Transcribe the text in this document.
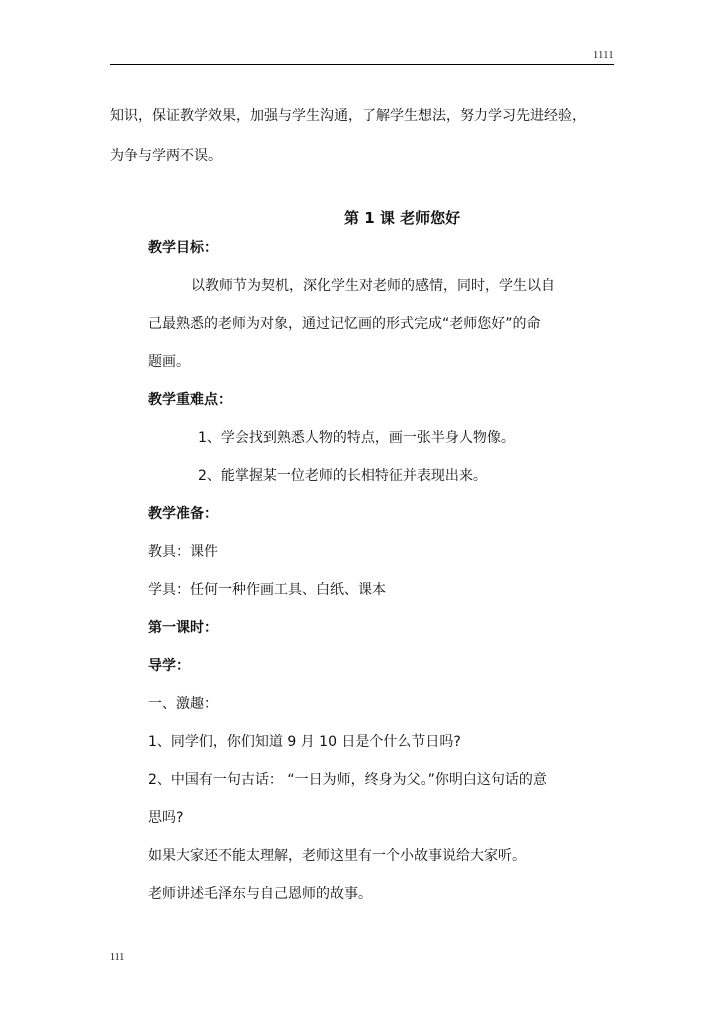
1111
知识，保证教学效果，加强与学生沟通，了解学生想法，努力学习先进经验，
为争与学两不误。
第 1 课 老师您好
教学目标：
以教师节为契机，深化学生对老师的感情，同时，学生以自
己最熟悉的老师为对象，通过记忆画的形式完成“老师您好”的命
题画。
教学重难点：
1、学会找到熟悉人物的特点，画一张半身人物像。
2、能掌握某一位老师的长相特征并表现出来。
教学准备：
教具：课件
学具：任何一种作画工具、白纸、课本
第一课时：
导学：
一、激趣：
1、同学们，你们知道 9 月 10 日是个什么节日吗?
2、中国有一句古话： “一日为师，终身为父。”你明白这句话的意
思吗?
如果大家还不能太理解，老师这里有一个小故事说给大家听。
老师讲述毛泽东与自己恩师的故事。
111
